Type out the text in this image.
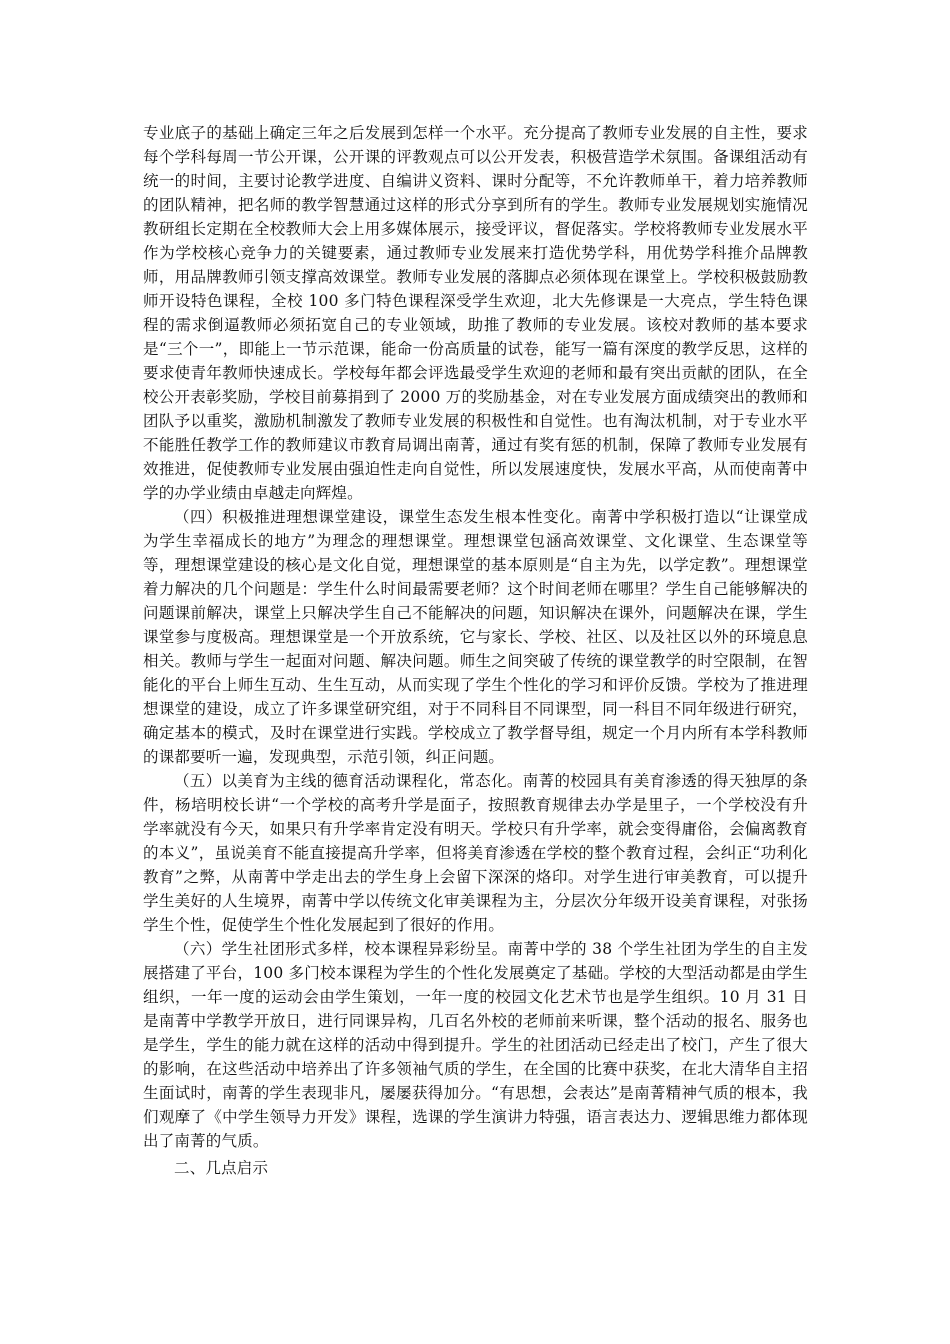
专业底子的基础上确定三年之后发展到怎样一个水平。充分提高了教师专业发展的自主性，要求每个学科每周一节公开课，公开课的评教观点可以公开发表，积极营造学术氛围。备课组活动有统一的时间，主要讨论教学进度、自编讲义资料、课时分配等，不允许教师单干，着力培养教师的团队精神，把名师的教学智慧通过这样的形式分享到所有的学生。教师专业发展规划实施情况教研组长定期在全校教师大会上用多媒体展示，接受评议，督促落实。学校将教师专业发展水平作为学校核心竞争力的关键要素，通过教师专业发展来打造优势学科，用优势学科推介品牌教师，用品牌教师引领支撑高效课堂。教师专业发展的落脚点必须体现在课堂上。学校积极鼓励教师开设特色课程，全校 100 多门特色课程深受学生欢迎，北大先修课是一大亮点，学生特色课程的需求倒逼教师必须拓宽自己的专业领域，助推了教师的专业发展。该校对教师的基本要求是“三个一”，即能上一节示范课，能命一份高质量的试卷，能写一篇有深度的教学反思，这样的要求使青年教师快速成长。学校每年都会评选最受学生欢迎的老师和最有突出贡献的团队，在全校公开表彰奖励，学校目前募捐到了 2000 万的奖励基金，对在专业发展方面成绩突出的教师和团队予以重奖，激励机制激发了教师专业发展的积极性和自觉性。也有淘汰机制，对于专业水平不能胜任教学工作的教师建议市教育局调出南菁，通过有奖有惩的机制，保障了教师专业发展有效推进，促使教师专业发展由强迫性走向自觉性，所以发展速度快，发展水平高，从而使南菁中学的办学业绩由卓越走向辉煌。

（四）积极推进理想课堂建设，课堂生态发生根本性变化。南菁中学积极打造以“让课堂成为学生幸福成长的地方”为理念的理想课堂。理想课堂包涵高效课堂、文化课堂、生态课堂等等，理想课堂建设的核心是文化自觉，理想课堂的基本原则是“自主为先，以学定教”。理想课堂着力解决的几个问题是：学生什么时间最需要老师？这个时间老师在哪里？学生自己能够解决的问题课前解决，课堂上只解决学生自己不能解决的问题，知识解决在课外，问题解决在课，学生课堂参与度极高。理想课堂是一个开放系统，它与家长、学校、社区、以及社区以外的环境息息相关。教师与学生一起面对问题、解决问题。师生之间突破了传统的课堂教学的时空限制，在智能化的平台上师生互动、生生互动，从而实现了学生个性化的学习和评价反馈。学校为了推进理想课堂的建设，成立了许多课堂研究组，对于不同科目不同课型，同一科目不同年级进行研究，确定基本的模式，及时在课堂进行实践。学校成立了教学督导组，规定一个月内所有本学科教师的课都要听一遍，发现典型，示范引领，纠正问题。

（五）以美育为主线的德育活动课程化，常态化。南菁的校园具有美育渗透的得天独厚的条件，杨培明校长讲“一个学校的高考升学是面子，按照教育规律去办学是里子，一个学校没有升学率就没有今天，如果只有升学率肯定没有明天。学校只有升学率，就会变得庸俗，会偏离教育的本义”，虽说美育不能直接提高升学率，但将美育渗透在学校的整个教育过程，会纠正“功利化教育”之弊，从南菁中学走出去的学生身上会留下深深的烙印。对学生进行审美教育，可以提升学生美好的人生境界，南菁中学以传统文化审美课程为主，分层次分年级开设美育课程，对张扬学生个性，促使学生个性化发展起到了很好的作用。

（六）学生社团形式多样，校本课程异彩纷呈。南菁中学的 38 个学生社团为学生的自主发展搭建了平台，100 多门校本课程为学生的个性化发展奠定了基础。学校的大型活动都是由学生组织，一年一度的运动会由学生策划，一年一度的校园文化艺术节也是学生组织。10 月 31 日是南菁中学教学开放日，进行同课异构，几百名外校的老师前来听课，整个活动的报名、服务也是学生，学生的能力就在这样的活动中得到提升。学生的社团活动已经走出了校门，产生了很大的影响，在这些活动中培养出了许多领袖气质的学生，在全国的比赛中获奖，在北大清华自主招生面试时，南菁的学生表现非凡，屡屡获得加分。“有思想，会表达”是南菁精神气质的根本，我们观摩了《中学生领导力开发》课程，选课的学生演讲力特强，语言表达力、逻辑思维力都体现出了南菁的气质。

二、几点启示
